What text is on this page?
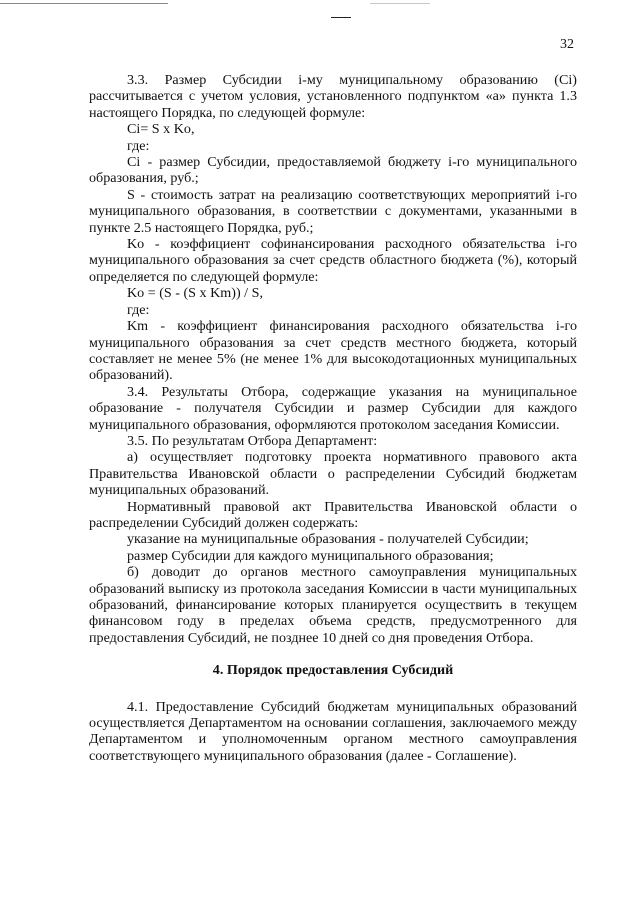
32

3.3. Размер Субсидии i-му муниципальному образованию (Ci) рассчитывается с учетом условия, установленного подпунктом «а» пункта 1.3 настоящего Порядка, по следующей формуле:

Ci= S x Ko,

где:

Ci - размер Субсидии, предоставляемой бюджету i-го муниципального образования, руб.;

S - стоимость затрат на реализацию соответствующих мероприятий i-го муниципального образования, в соответствии с документами, указанными в пункте 2.5 настоящего Порядка, руб.;

Ko - коэффициент софинансирования расходного обязательства i-го муниципального образования за счет средств областного бюджета (%), который определяется по следующей формуле:

Ko = (S - (S x Km)) / S,

где:

Km - коэффициент финансирования расходного обязательства i-го муниципального образования за счет средств местного бюджета, который составляет не менее 5% (не менее 1% для высокодотационных муниципальных образований).

3.4. Результаты Отбора, содержащие указания на муниципальное образование - получателя Субсидии и размер Субсидии для каждого муниципального образования, оформляются протоколом заседания Комиссии.

3.5. По результатам Отбора Департамент:

а) осуществляет подготовку проекта нормативного правового акта Правительства Ивановской области о распределении Субсидий бюджетам муниципальных образований.

Нормативный правовой акт Правительства Ивановской области о распределении Субсидий должен содержать:

указание на муниципальные образования - получателей Субсидии;

размер Субсидии для каждого муниципального образования;

б) доводит до органов местного самоуправления муниципальных образований выписку из протокола заседания Комиссии в части муниципальных образований, финансирование которых планируется осуществить в текущем финансовом году в пределах объема средств, предусмотренного для предоставления Субсидий, не позднее 10 дней со дня проведения Отбора.

4. Порядок предоставления Субсидий

4.1. Предоставление Субсидий бюджетам муниципальных образований осуществляется Департаментом на основании соглашения, заключаемого между Департаментом и уполномоченным органом местного самоуправления соответствующего муниципального образования (далее - Соглашение).
